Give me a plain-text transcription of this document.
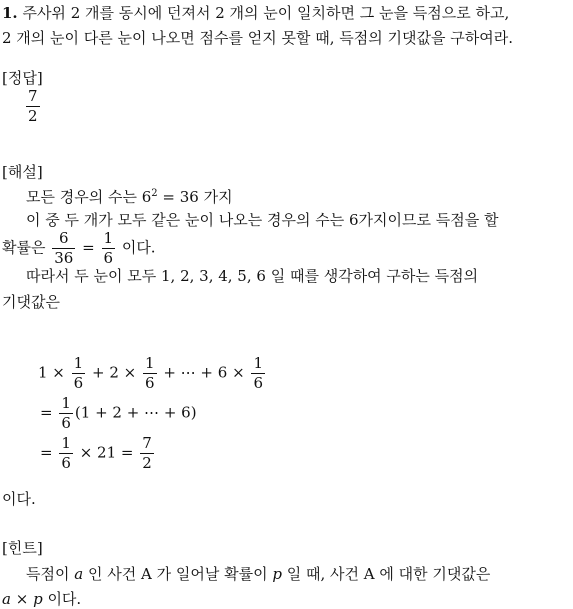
1. 주사위 2 개를 동시에 던져서 2 개의 눈이 일치하면 그 눈을 득점으로 하고,
2 개의 눈이 다른 눈이 나오면 점수를 얻지 못할 때, 득점의 기댓값을 구하여라.
[정답]
$\frac{7}{2}$
[해설]
모든 경우의 수는 $6^2 = 36$ 가지
이 중 두 개가 모두 같은 눈이 나오는 경우의 수는 6가지이므로 득점을 할
확률은 $\frac{6}{36} = \frac{1}{6}$ 이다.
따라서 두 눈이 모두 1, 2, 3, 4, 5, 6 일 때를 생각하여 구하는 득점의
기댓값은
$1 \times \frac{1}{6} + 2 \times \frac{1}{6}$ + ⋯ + $6 \times \frac{1}{6}$
= $\frac{1}{6} (1 + 2$ + ⋯ + 6)
= $\frac{1}{6} \times 21 = \frac{7}{2}$
이다.
[힌트]
득점이 a 인 사건 A 가 일어날 확률이 p 일 때, 사건 A 에 대한 기댓값은
a × p 이다.
